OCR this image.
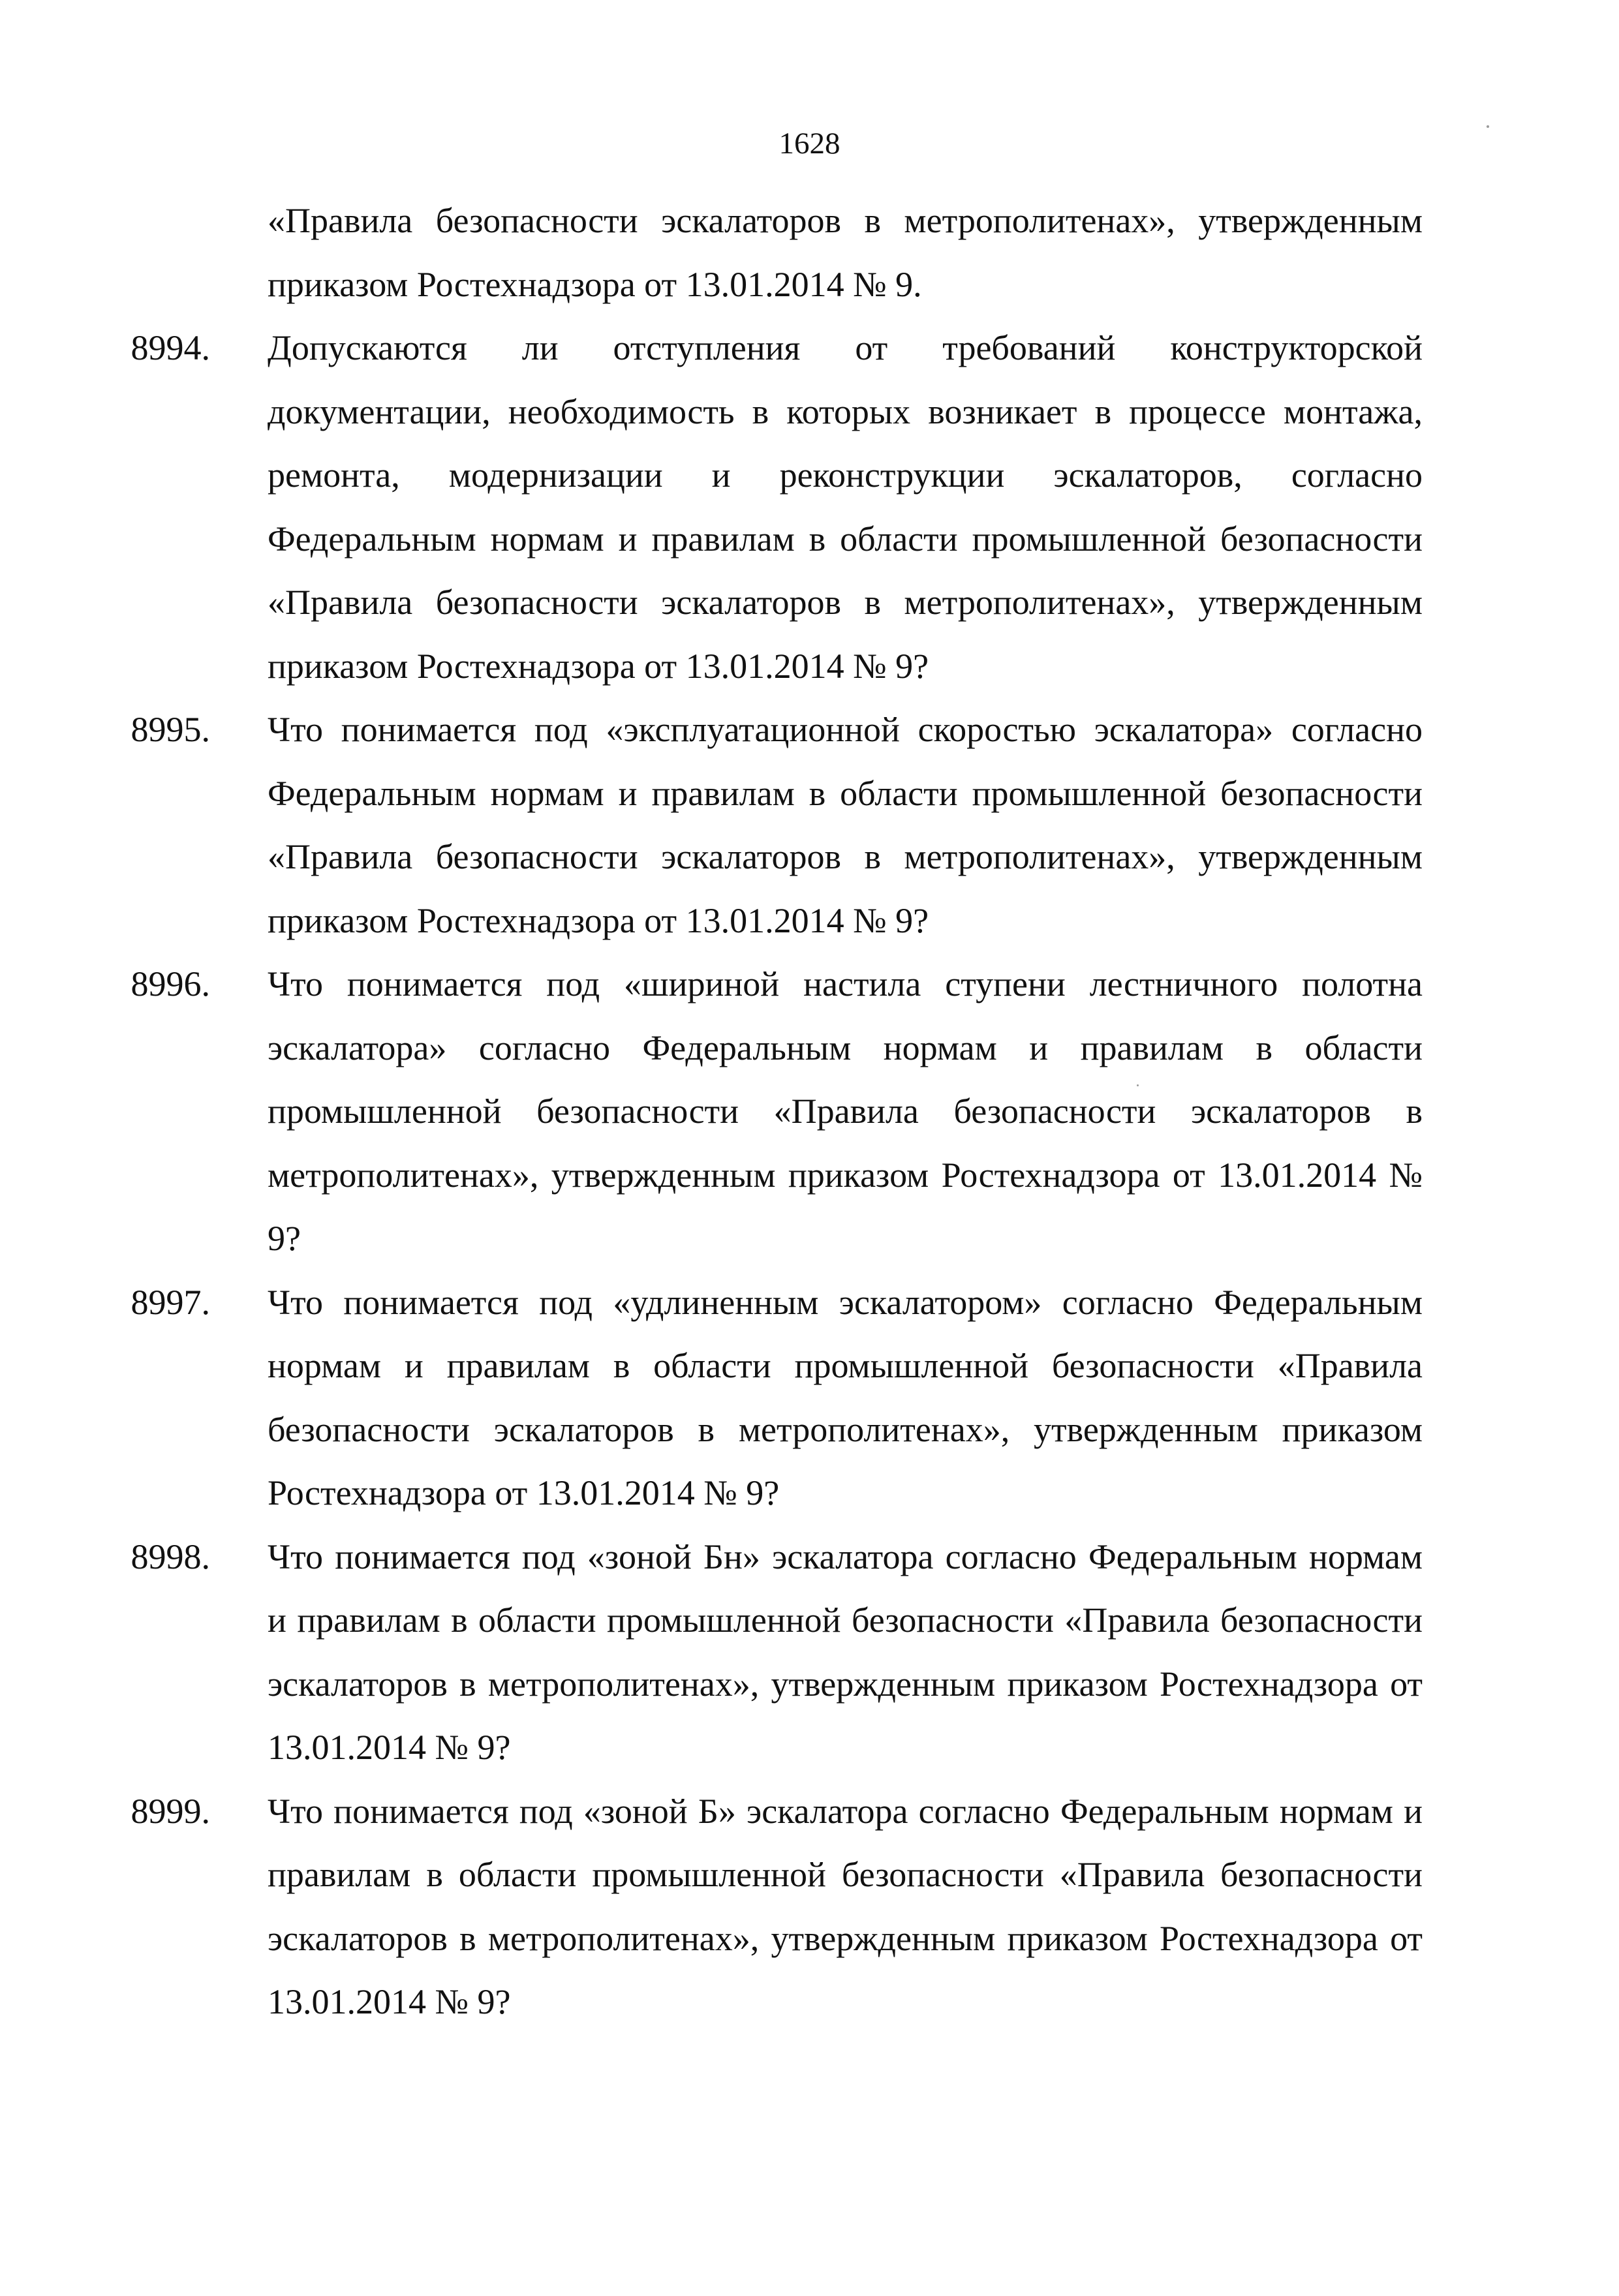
1628

«Правила безопасности эскалаторов в метрополитенах», утвержденным приказом Ростехнадзора от 13.01.2014 № 9.

8994. Допускаются ли отступления от требований конструкторской документации, необходимость в которых возникает в процессе монтажа, ремонта, модернизации и реконструкции эскалаторов, согласно Федеральным нормам и правилам в области промышленной безопасности «Правила безопасности эскалаторов в метрополитенах», утвержденным приказом Ростехнадзора от 13.01.2014 № 9?

8995. Что понимается под «эксплуатационной скоростью эскалатора» согласно Федеральным нормам и правилам в области промышленной безопасности «Правила безопасности эскалаторов в метрополитенах», утвержденным приказом Ростехнадзора от 13.01.2014 № 9?

8996. Что понимается под «шириной настила ступени лестничного полотна эскалатора» согласно Федеральным нормам и правилам в области промышленной безопасности «Правила безопасности эскалаторов в метрополитенах», утвержденным приказом Ростехнадзора от 13.01.2014 № 9?

8997. Что понимается под «удлиненным эскалатором» согласно Федеральным нормам и правилам в области промышленной безопасности «Правила безопасности эскалаторов в метрополитенах», утвержденным приказом Ростехнадзора от 13.01.2014 № 9?

8998. Что понимается под «зоной Бн» эскалатора согласно Федеральным нормам и правилам в области промышленной безопасности «Правила безопасности эскалаторов в метрополитенах», утвержденным приказом Ростехнадзора от 13.01.2014 № 9?

8999. Что понимается под «зоной Б» эскалатора согласно Федеральным нормам и правилам в области промышленной безопасности «Правила безопасности эскалаторов в метрополитенах», утвержденным приказом Ростехнадзора от 13.01.2014 № 9?
